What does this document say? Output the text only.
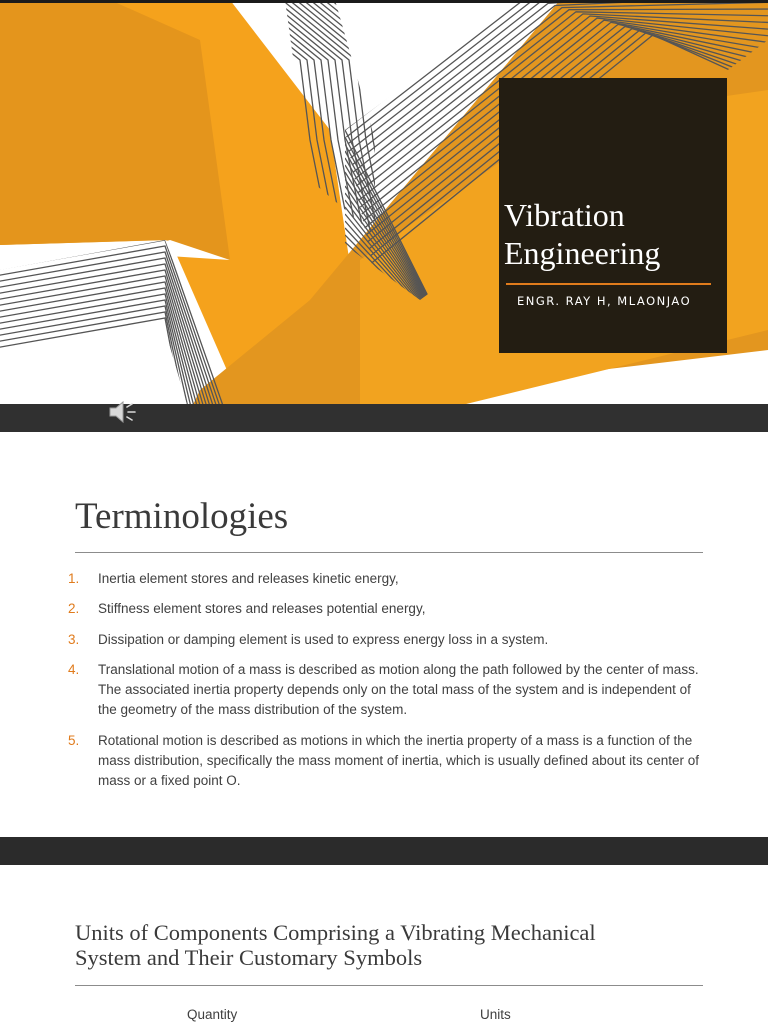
Vibration
Engineering
ENGR. RAY H, MLAONJAO
Terminologies
1.	Inertia element stores and releases kinetic energy,
2.	Stiffness element stores and releases potential energy,
3.	Dissipation or damping element is used to express energy loss in a system.
4.	Translational motion of a mass is described as motion along the path followed by the center of mass. The associated inertia property depends only on the total mass of the system and is independent of the geometry of the mass distribution of the system.
5.	Rotational motion is described as motions in which the inertia property of a mass is a function of the mass distribution, specifically the mass moment of inertia, which is usually defined about its center of mass or a fixed point O.
Units of Components Comprising a Vibrating Mechanical
System and Their Customary Symbols
Quantity	Units
